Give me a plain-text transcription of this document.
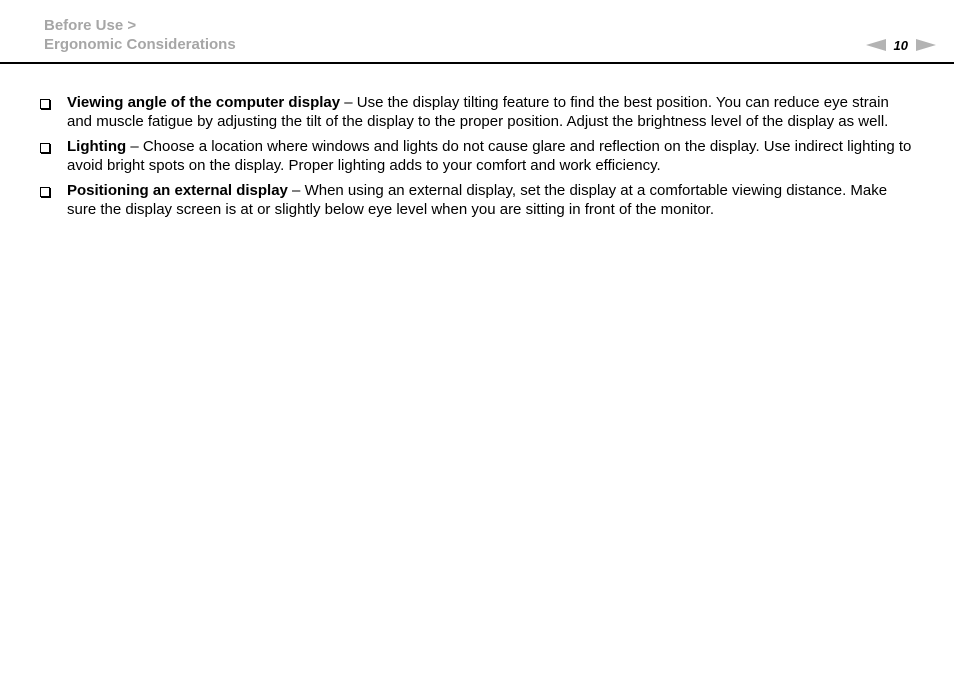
Before Use >
Ergonomic Considerations	10
Viewing angle of the computer display – Use the display tilting feature to find the best position. You can reduce eye strain and muscle fatigue by adjusting the tilt of the display to the proper position. Adjust the brightness level of the display as well.
Lighting – Choose a location where windows and lights do not cause glare and reflection on the display. Use indirect lighting to avoid bright spots on the display. Proper lighting adds to your comfort and work efficiency.
Positioning an external display – When using an external display, set the display at a comfortable viewing distance. Make sure the display screen is at or slightly below eye level when you are sitting in front of the monitor.
